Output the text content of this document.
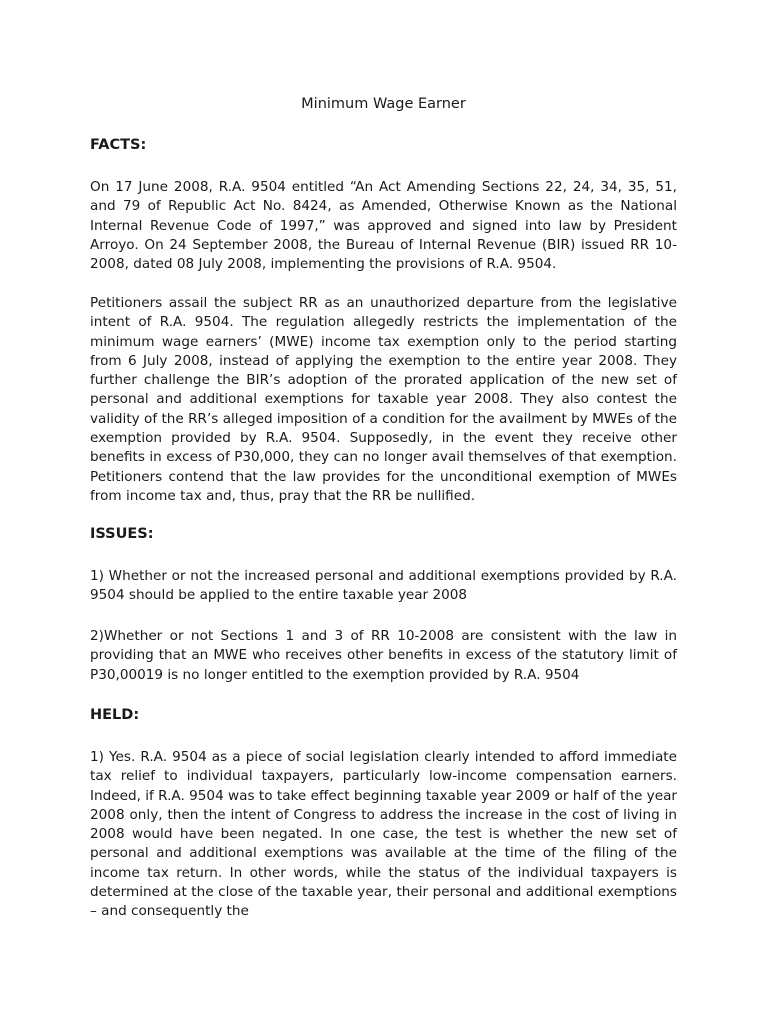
Minimum Wage Earner
FACTS:

On 17 June 2008, R.A. 9504 entitled “An Act Amending Sections 22, 24, 34, 35, 51, and 79 of Republic Act No. 8424, as Amended, Otherwise Known as the National Internal Revenue Code of 1997,” was approved and signed into law by President Arroyo. On 24 September 2008, the Bureau of Internal Revenue (BIR) issued RR 10-2008, dated 08 July 2008, implementing the provisions of R.A. 9504.

Petitioners assail the subject RR as an unauthorized departure from the legislative intent of R.A. 9504. The regulation allegedly restricts the implementation of the minimum wage earners’ (MWE) income tax exemption only to the period starting from 6 July 2008, instead of applying the exemption to the entire year 2008. They further challenge the BIR’s adoption of the prorated application of the new set of personal and additional exemptions for taxable year 2008. They also contest the validity of the RR’s alleged imposition of a condition for the availment by MWEs of the exemption provided by R.A. 9504. Supposedly, in the event they receive other benefits in excess of P30,000, they can no longer avail themselves of that exemption. Petitioners contend that the law provides for the unconditional exemption of MWEs from income tax and, thus, pray that the RR be nullified.

ISSUES:

1) Whether or not the increased personal and additional exemptions provided by R.A. 9504 should be applied to the entire taxable year 2008

2)Whether or not Sections 1 and 3 of RR 10-2008 are consistent with the law in providing that an MWE who receives other benefits in excess of the statutory limit of P30,00019 is no longer entitled to the exemption provided by R.A. 9504

HELD:

1) Yes. R.A. 9504 as a piece of social legislation clearly intended to afford immediate tax relief to individual taxpayers, particularly low-income compensation earners. Indeed, if R.A. 9504 was to take effect beginning taxable year 2009 or half of the year 2008 only, then the intent of Congress to address the increase in the cost of living in 2008 would have been negated. In one case, the test is whether the new set of personal and additional exemptions was available at the time of the filing of the income tax return. In other words, while the status of the individual taxpayers is determined at the close of the taxable year, their personal and additional exemptions – and consequently the
